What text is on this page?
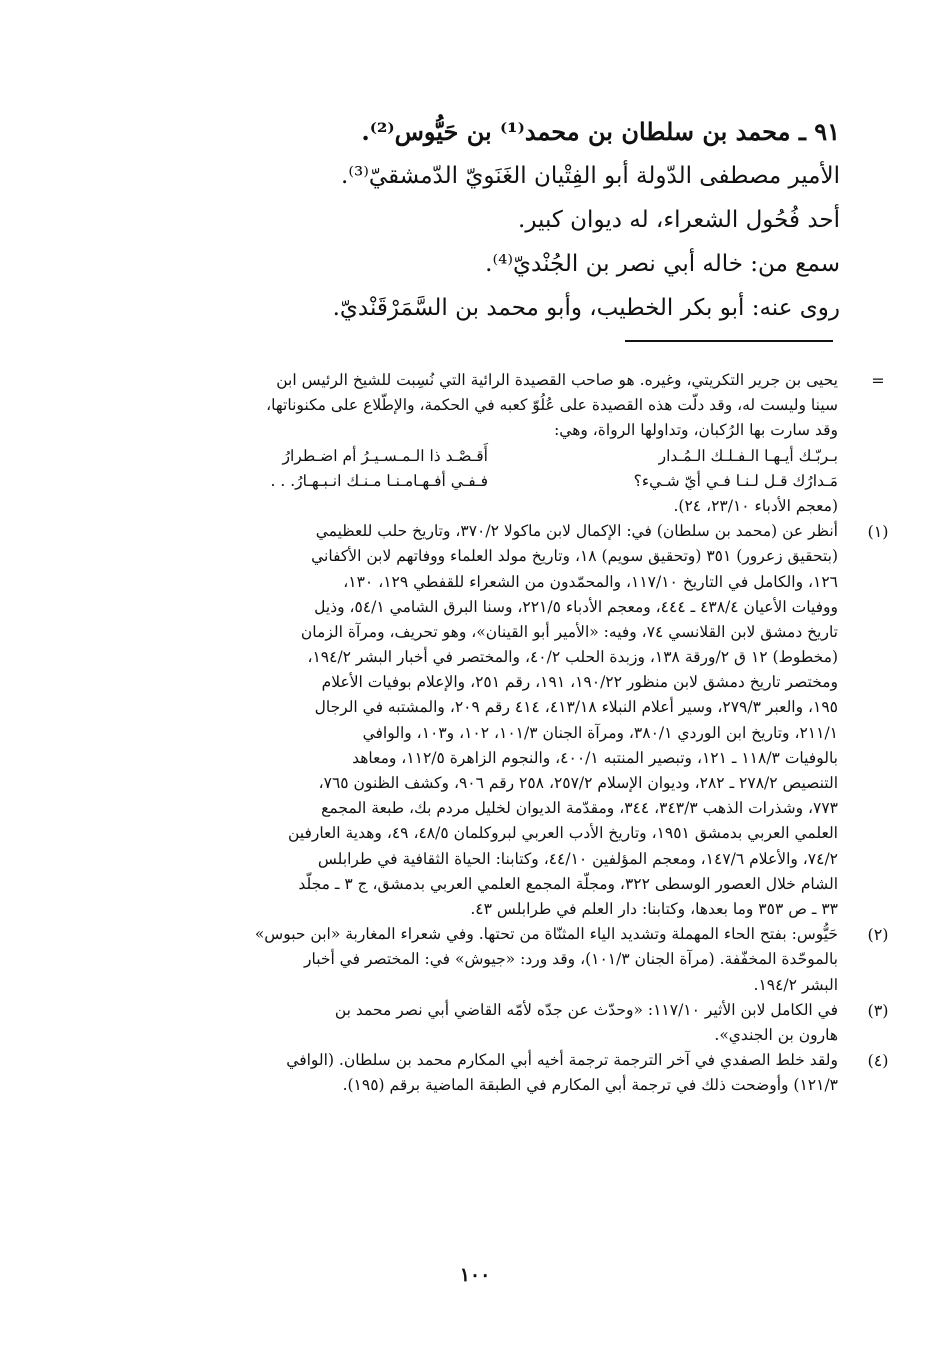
٩١ ـ محمد بن سلطان بن محمد⁽¹⁾ بن حَيُّوس⁽²⁾.
الأمير مصطفى الدّولة أبو الفِتْيان الغَنَويّ الدّمشقيّ⁽³⁾.
أحد فُحُول الشعراء، له ديوان كبير.
سمع من: خاله أبي نصر بن الجُنْديّ⁽⁴⁾.
روى عنه: أبو بكر الخطيب، وأبو محمد بن السَّمَرْقَنْديّ.
=
يحيى بن جرير التكريتي، وغيره. هو صاحب القصيدة الرائية التي نُسِبت للشيخ الرئيس ابن
سينا وليست له، وقد دلّت هذه القصيدة على عُلُوّ كعبه في الحكمة، والإطّلاع على مكنوناتها،
وقد سارت بها الرُكبان، وتداولها الرواة، وهي:
بـربّـك أيـهـا الـفـلـك الـمُـدار
أَقـصْـد ذا الـمـسـيـرُ أم اضـطرارُ
مَـدارُك قـل لـنـا فـي أيّ شـيء؟
فـفـي أفـهـامـنـا مـنـك انـبـهـارُ. . .
(معجم الأدباء ٢٣/١٠، ٢٤).
(١)
أنظر عن (محمد بن سلطان) في: الإكمال لابن ماكولا ٣٧٠/٢، وتاريخ حلب للعظيمي
(بتحقيق زعرور) ٣٥١ (وتحقيق سويم) ١٨، وتاريخ مولد العلماء ووفاتهم لابن الأكفاني
١٢٦، والكامل في التاريخ ١١٧/١٠، والمحمّدون من الشعراء للقفطي ١٢٩، ١٣٠،
ووفيات الأعيان ٤٣٨/٤ ـ ٤٤٤، ومعجم الأدباء ٢٢١/٥، وسنا البرق الشامي ٥٤/١، وذيل
تاريخ دمشق لابن القلانسي ٧٤، وفيه: «الأمير أبو القينان»، وهو تحريف، ومرآة الزمان
(مخطوط) ١٢ ق ٢/ورقة ١٣٨، وزبدة الحلب ٤٠/٢، والمختصر في أخبار البشر ١٩٤/٢،
ومختصر تاريخ دمشق لابن منظور ١٩٠/٢٢، ١٩١، رقم ٢٥١، والإعلام بوفيات الأعلام
١٩٥، والعبر ٢٧٩/٣، وسير أعلام النبلاء ٤١٣/١٨، ٤١٤ رقم ٢٠٩، والمشتبه في الرجال
٢١١/١، وتاريخ ابن الوردي ٣٨٠/١، ومرآة الجنان ١٠١/٣، ١٠٢، و١٠٣، والوافي
بالوفيات ١١٨/٣ ـ ١٢١، وتبصير المنتبه ٤٠٠/١، والنجوم الزاهرة ١١٢/٥، ومعاهد
التنصيص ٢٧٨/٢ ـ ٢٨٢، وديوان الإسلام ٢٥٧/٢، ٢٥٨ رقم ٩٠٦، وكشف الظنون ٧٦٥،
٧٧٣، وشذرات الذهب ٣٤٣/٣، ٣٤٤، ومقدّمة الديوان لخليل مردم بك، طبعة المجمع
العلمي العربي بدمشق ١٩٥١، وتاريخ الأدب العربي لبروكلمان ٤٨/٥، ٤٩، وهدية العارفين
٧٤/٢، والأعلام ١٤٧/٦، ومعجم المؤلفين ٤٤/١٠، وكتابنا: الحياة الثقافية في طرابلس
الشام خلال العصور الوسطى ٣٢٢، ومجلّة المجمع العلمي العربي بدمشق، ج ٣ ـ مجلّد
٣٣ ـ ص ٣٥٣ وما بعدها، وكتابنا: دار العلم في طرابلس ٤٣.
(٢)
حَيُّوس: بفتح الحاء المهملة وتشديد الياء المثنّاة من تحتها. وفي شعراء المغاربة «ابن حبوس»
بالموحّدة المخفّفة. (مرآة الجنان ١٠١/٣)، وقد ورد: «جيوش» في: المختصر في أخبار
البشر ١٩٤/٢.
(٣)
في الكامل لابن الأثير ١١٧/١٠: «وحدّث عن جدّه لأمّه القاضي أبي نصر محمد بن
هارون بن الجندي».
(٤)
ولقد خلط الصفدي في آخر الترجمة ترجمة أخيه أبي المكارم محمد بن سلطان. (الوافي
١٢١/٣) وأوضحت ذلك في ترجمة أبي المكارم في الطبقة الماضية برقم (١٩٥).
١٠٠
